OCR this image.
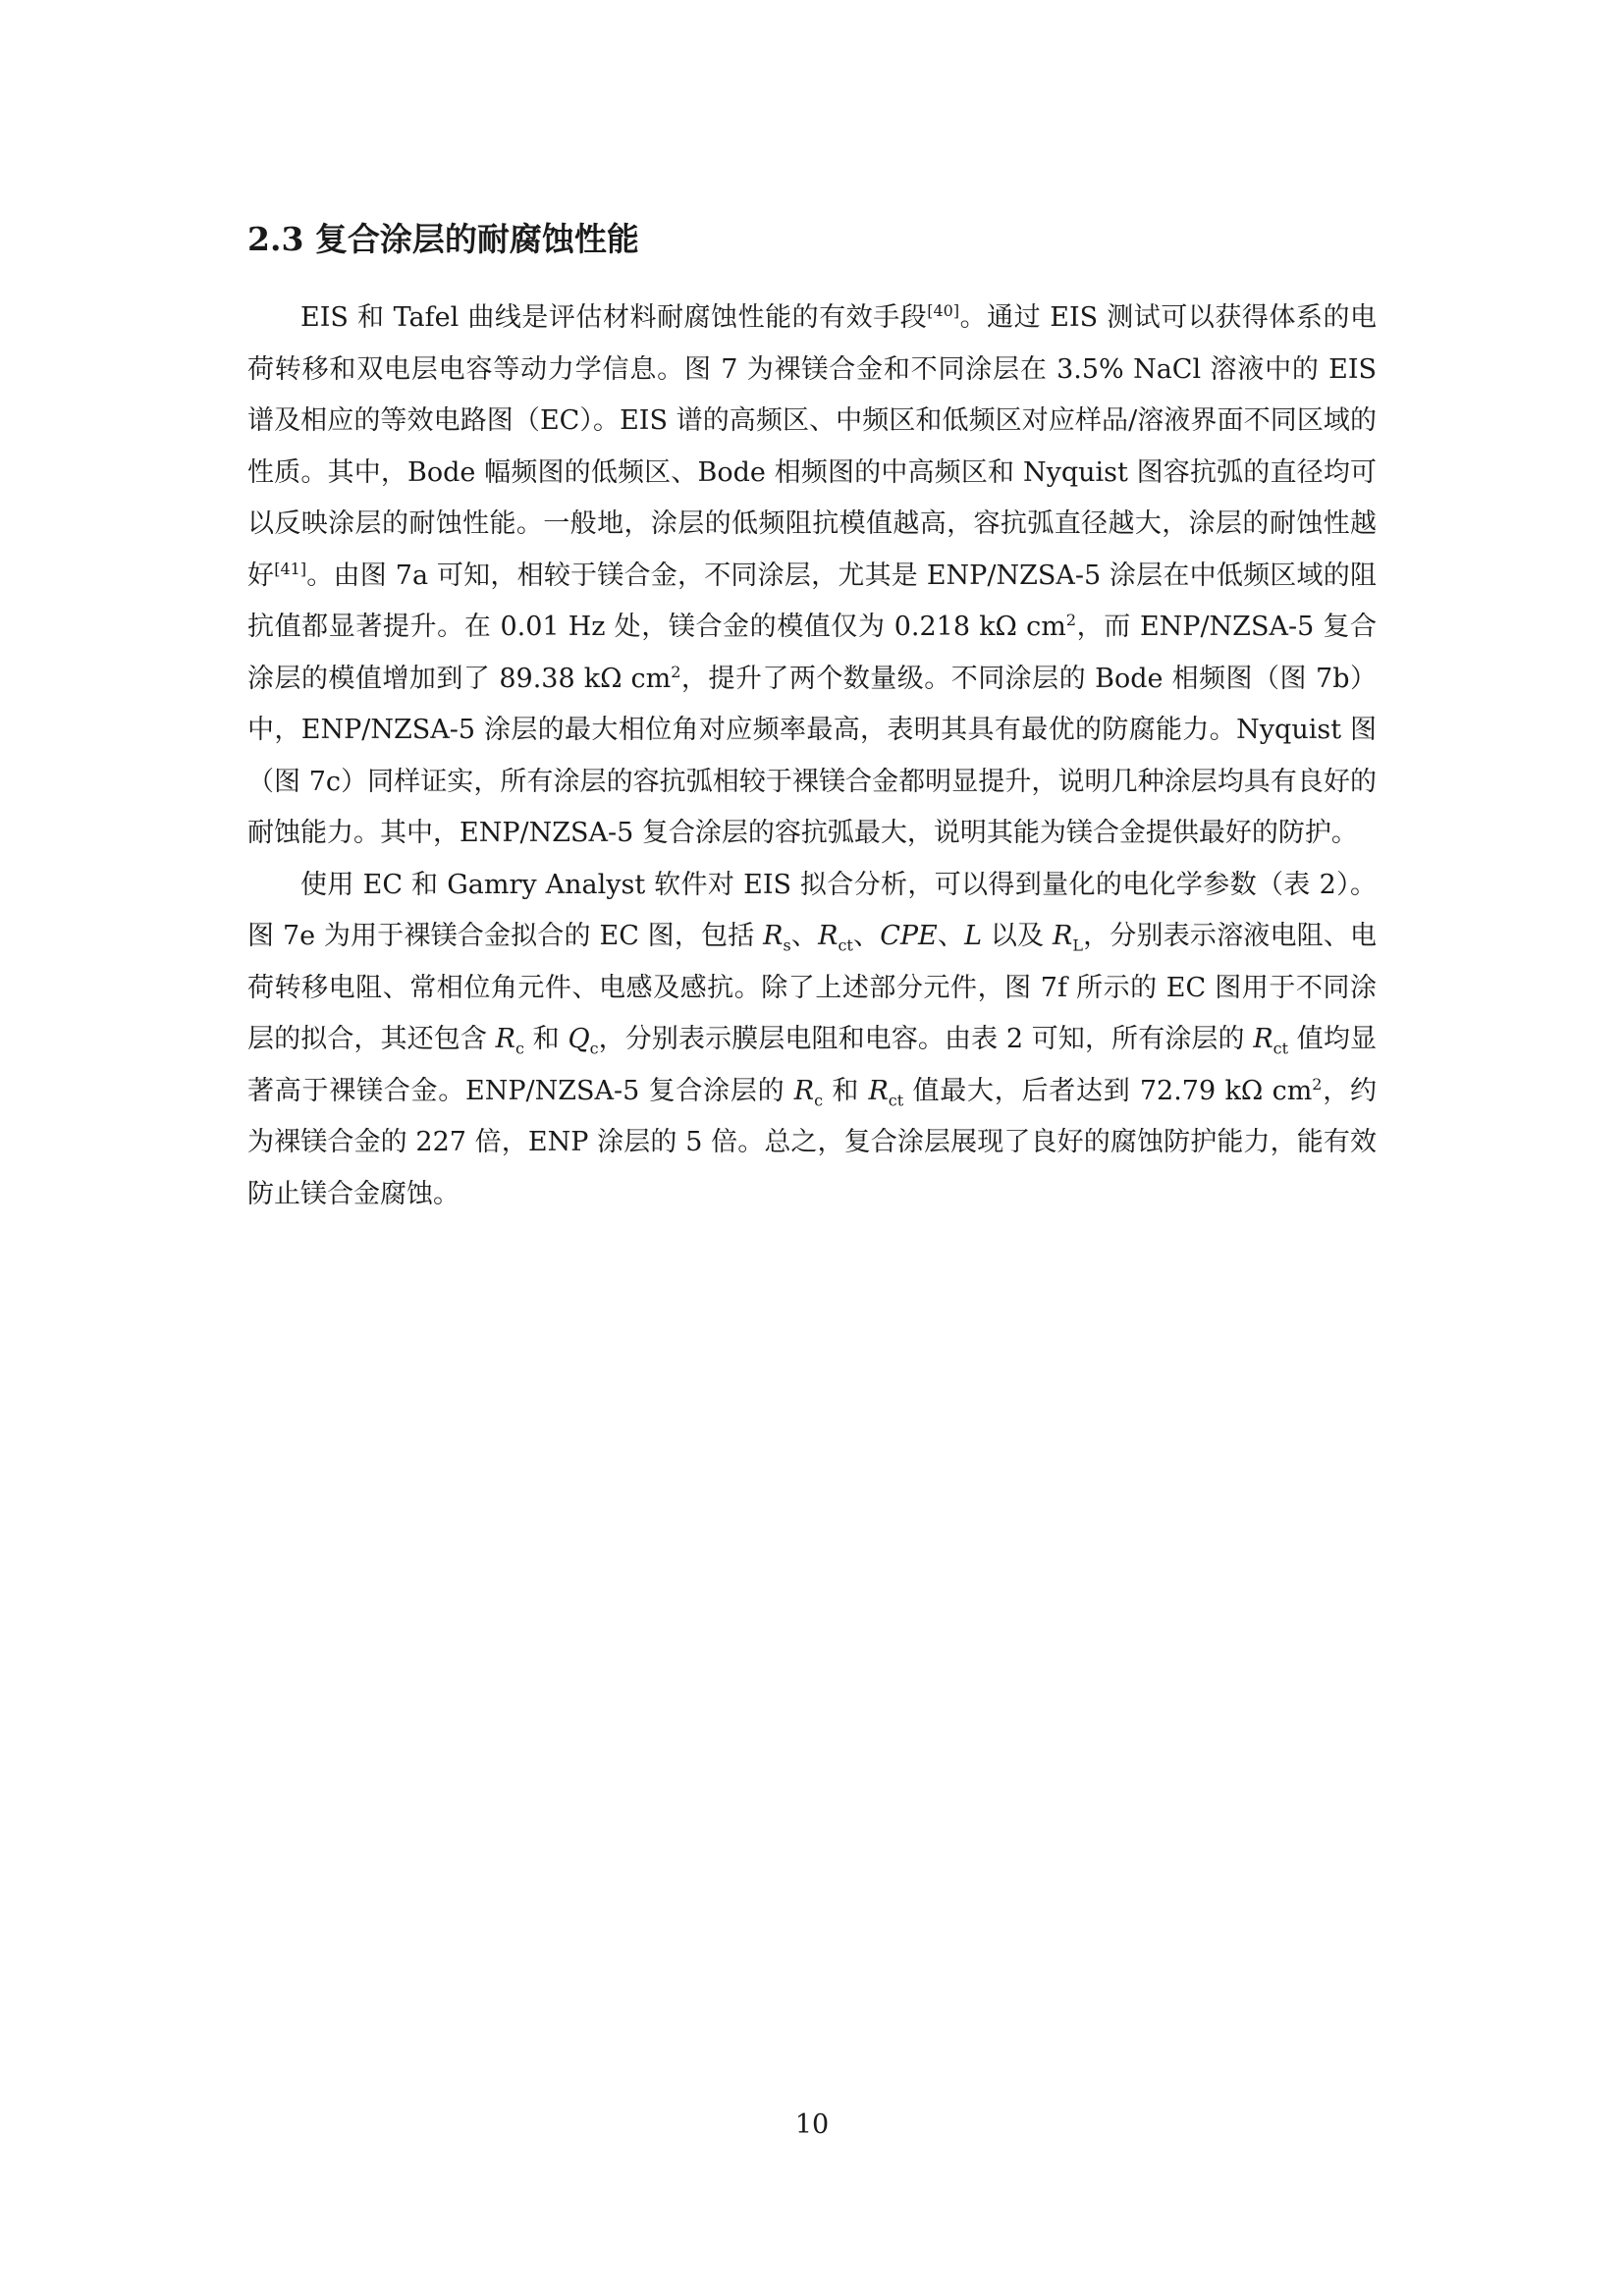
2.3 复合涂层的耐腐蚀性能

EIS 和 Tafel 曲线是评估材料耐腐蚀性能的有效手段[40]。通过 EIS 测试可以获得体系的电荷转移和双电层电容等动力学信息。图 7 为裸镁合金和不同涂层在 3.5% NaCl 溶液中的 EIS 谱及相应的等效电路图（EC）。EIS 谱的高频区、中频区和低频区对应样品/溶液界面不同区域的性质。其中，Bode 幅频图的低频区、Bode 相频图的中高频区和 Nyquist 图容抗弧的直径均可以反映涂层的耐蚀性能。一般地，涂层的低频阻抗模值越高，容抗弧直径越大，涂层的耐蚀性越好[41]。由图 7a 可知，相较于镁合金，不同涂层，尤其是 ENP/NZSA-5 涂层在中低频区域的阻抗值都显著提升。在 0.01 Hz 处，镁合金的模值仅为 0.218 kΩ $cm^2$，而 ENP/NZSA-5 复合涂层的模值增加到了 89.38 kΩ $cm^2$，提升了两个数量级。不同涂层的 Bode 相频图（图 7b）中，ENP/NZSA-5 涂层的最大相位角对应频率最高，表明其具有最优的防腐能力。Nyquist 图（图 7c）同样证实，所有涂层的容抗弧相较于裸镁合金都明显提升，说明几种涂层均具有良好的耐蚀能力。其中，ENP/NZSA-5 复合涂层的容抗弧最大，说明其能为镁合金提供最好的防护。

使用 EC 和 Gamry Analyst 软件对 EIS 拟合分析，可以得到量化的电化学参数（表 2）。图 7e 为用于裸镁合金拟合的 EC 图，包括 $R_s$、$R_{ct}$、CPE、L 以及 $R_L$，分别表示溶液电阻、电荷转移电阻、常相位角元件、电感及感抗。除了上述部分元件，图 7f 所示的 EC 图用于不同涂层的拟合，其还包含 $R_c$ 和 $Q_c$，分别表示膜层电阻和电容。由表 2 可知，所有涂层的 $R_{ct}$ 值均显著高于裸镁合金。ENP/NZSA-5 复合涂层的 $R_c$ 和 $R_{ct}$ 值最大，后者达到 72.79 kΩ $cm^2$，约为裸镁合金的 227 倍，ENP 涂层的 5 倍。总之，复合涂层展现了良好的腐蚀防护能力，能有效防止镁合金腐蚀。

10
